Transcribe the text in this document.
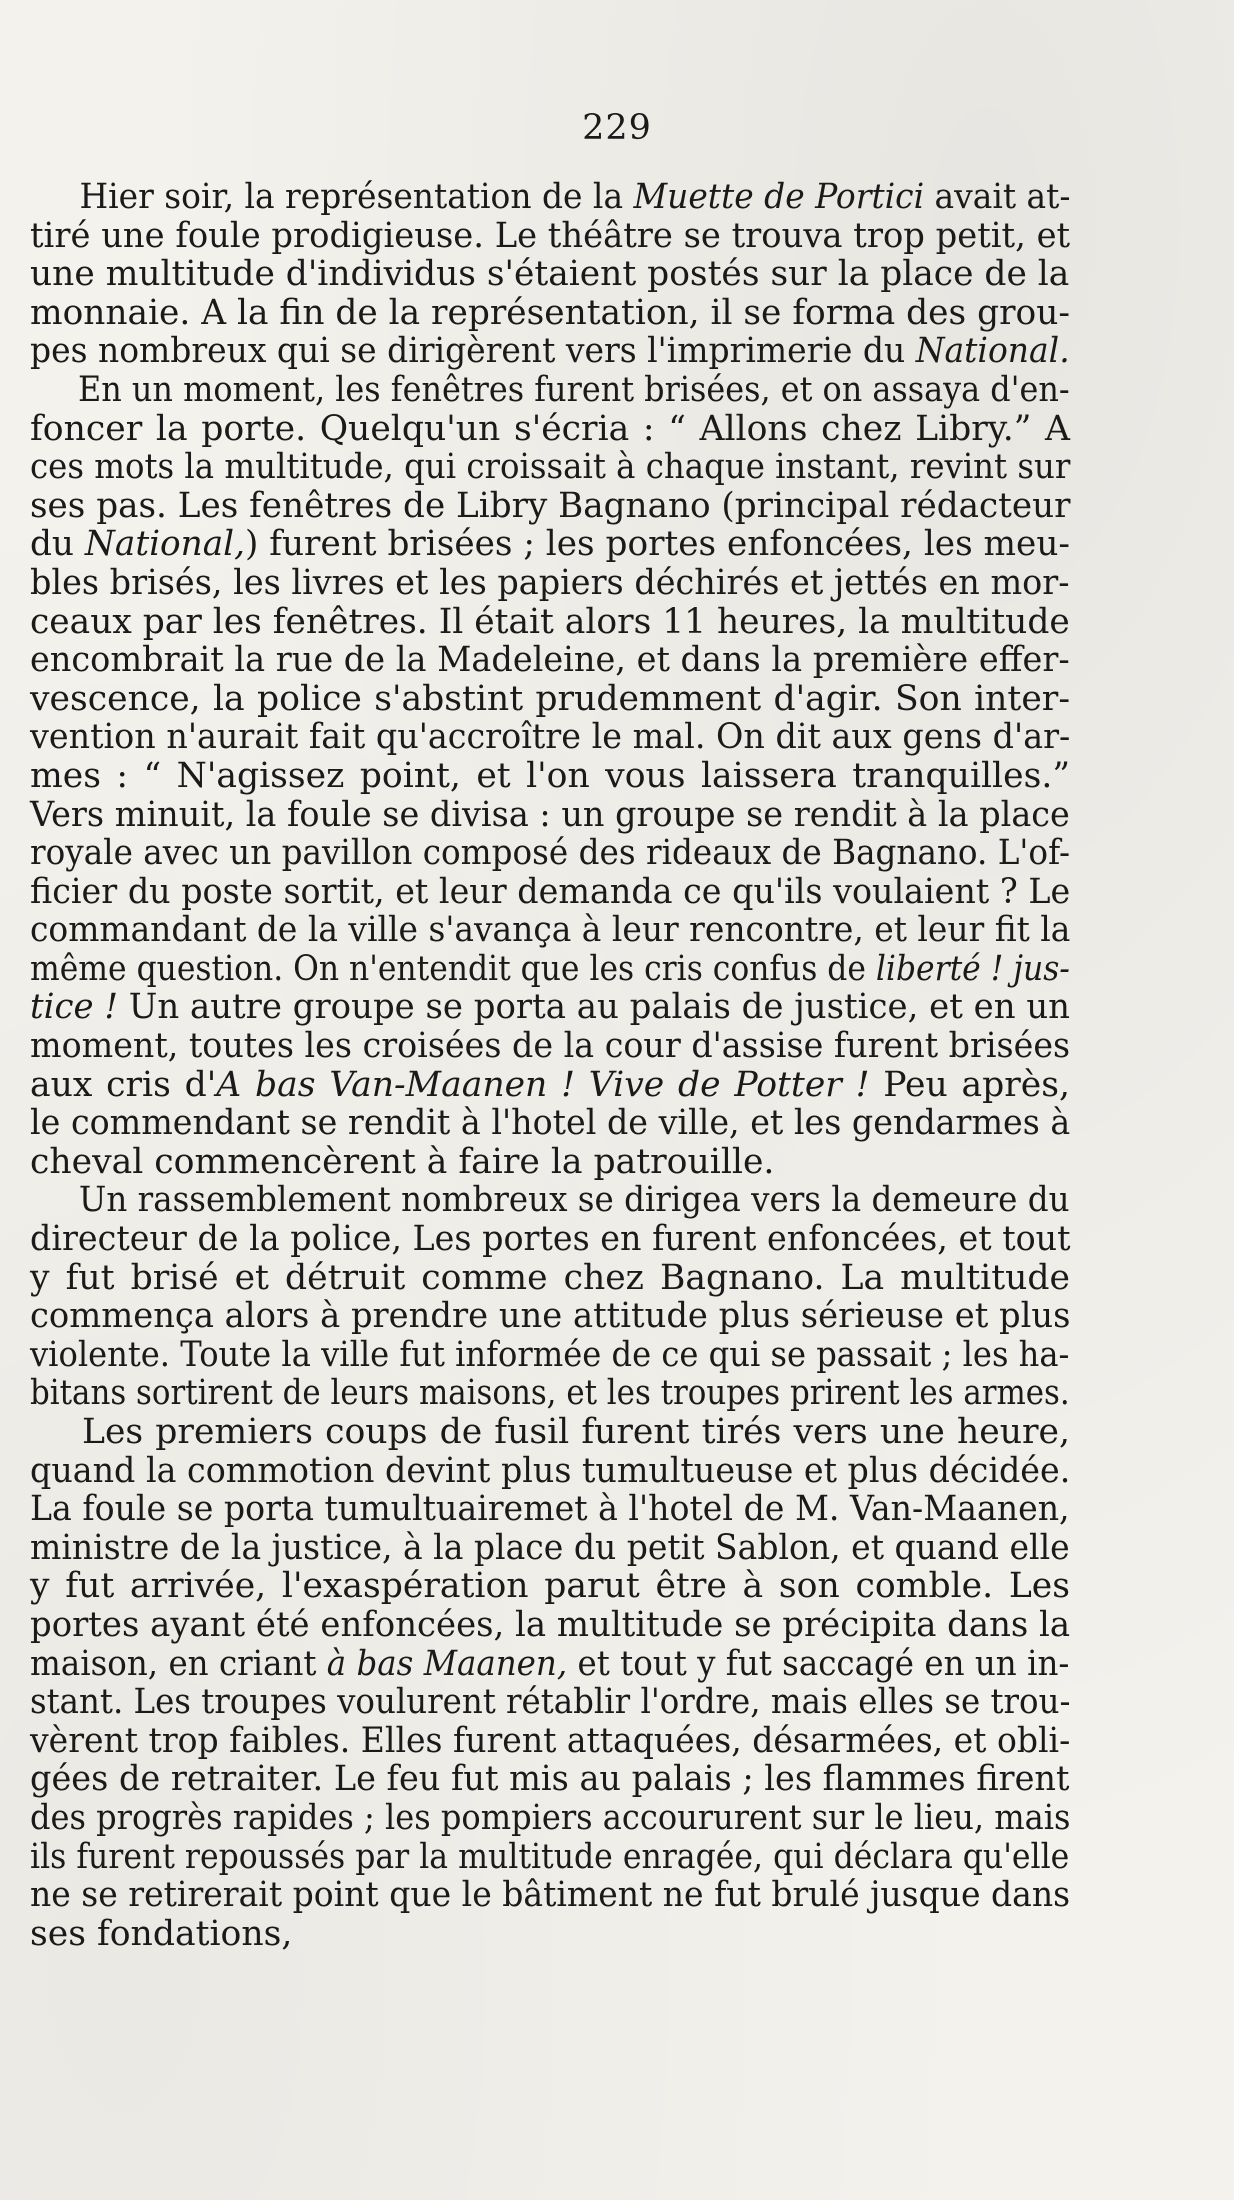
229
Hier soir, la représentation de la Muette de Portici avait at-
tiré une foule prodigieuse. Le théâtre se trouva trop petit, et
une multitude d'individus s'étaient postés sur la place de la
monnaie. A la fin de la représentation, il se forma des grou-
pes nombreux qui se dirigèrent vers l'imprimerie du National.
En un moment, les fenêtres furent brisées, et on assaya d'en-
foncer la porte. Quelqu'un s'écria : “ Allons chez Libry.” A
ces mots la multitude, qui croissait à chaque instant, revint sur
ses pas. Les fenêtres de Libry Bagnano (principal rédacteur
du National,) furent brisées ; les portes enfoncées, les meu-
bles brisés, les livres et les papiers déchirés et jettés en mor-
ceaux par les fenêtres. Il était alors 11 heures, la multitude
encombrait la rue de la Madeleine, et dans la première effer-
vescence, la police s'abstint prudemment d'agir. Son inter-
vention n'aurait fait qu'accroître le mal. On dit aux gens d'ar-
mes : “ N'agissez point, et l'on vous laissera tranquilles.”
Vers minuit, la foule se divisa : un groupe se rendit à la place
royale avec un pavillon composé des rideaux de Bagnano. L'of-
ficier du poste sortit, et leur demanda ce qu'ils voulaient ? Le
commandant de la ville s'avança à leur rencontre, et leur fit la
même question. On n'entendit que les cris confus de liberté ! jus-
tice ! Un autre groupe se porta au palais de justice, et en un
moment, toutes les croisées de la cour d'assise furent brisées
aux cris d'A bas Van-Maanen ! Vive de Potter ! Peu après,
le commendant se rendit à l'hotel de ville, et les gendarmes à
cheval commencèrent à faire la patrouille.
Un rassemblement nombreux se dirigea vers la demeure du
directeur de la police, Les portes en furent enfoncées, et tout
y fut brisé et détruit comme chez Bagnano. La multitude
commença alors à prendre une attitude plus sérieuse et plus
violente. Toute la ville fut informée de ce qui se passait ; les ha-
bitans sortirent de leurs maisons, et les troupes prirent les armes.
Les premiers coups de fusil furent tirés vers une heure,
quand la commotion devint plus tumultueuse et plus décidée.
La foule se porta tumultuairemet à l'hotel de M. Van-Maanen,
ministre de la justice, à la place du petit Sablon, et quand elle
y fut arrivée, l'exaspération parut être à son comble. Les
portes ayant été enfoncées, la multitude se précipita dans la
maison, en criant à bas Maanen, et tout y fut saccagé en un in-
stant. Les troupes voulurent rétablir l'ordre, mais elles se trou-
vèrent trop faibles. Elles furent attaquées, désarmées, et obli-
gées de retraiter. Le feu fut mis au palais ; les flammes firent
des progrès rapides ; les pompiers accoururent sur le lieu, mais
ils furent repoussés par la multitude enragée, qui déclara qu'elle
ne se retirerait point que le bâtiment ne fut brulé jusque dans
ses fondations,
